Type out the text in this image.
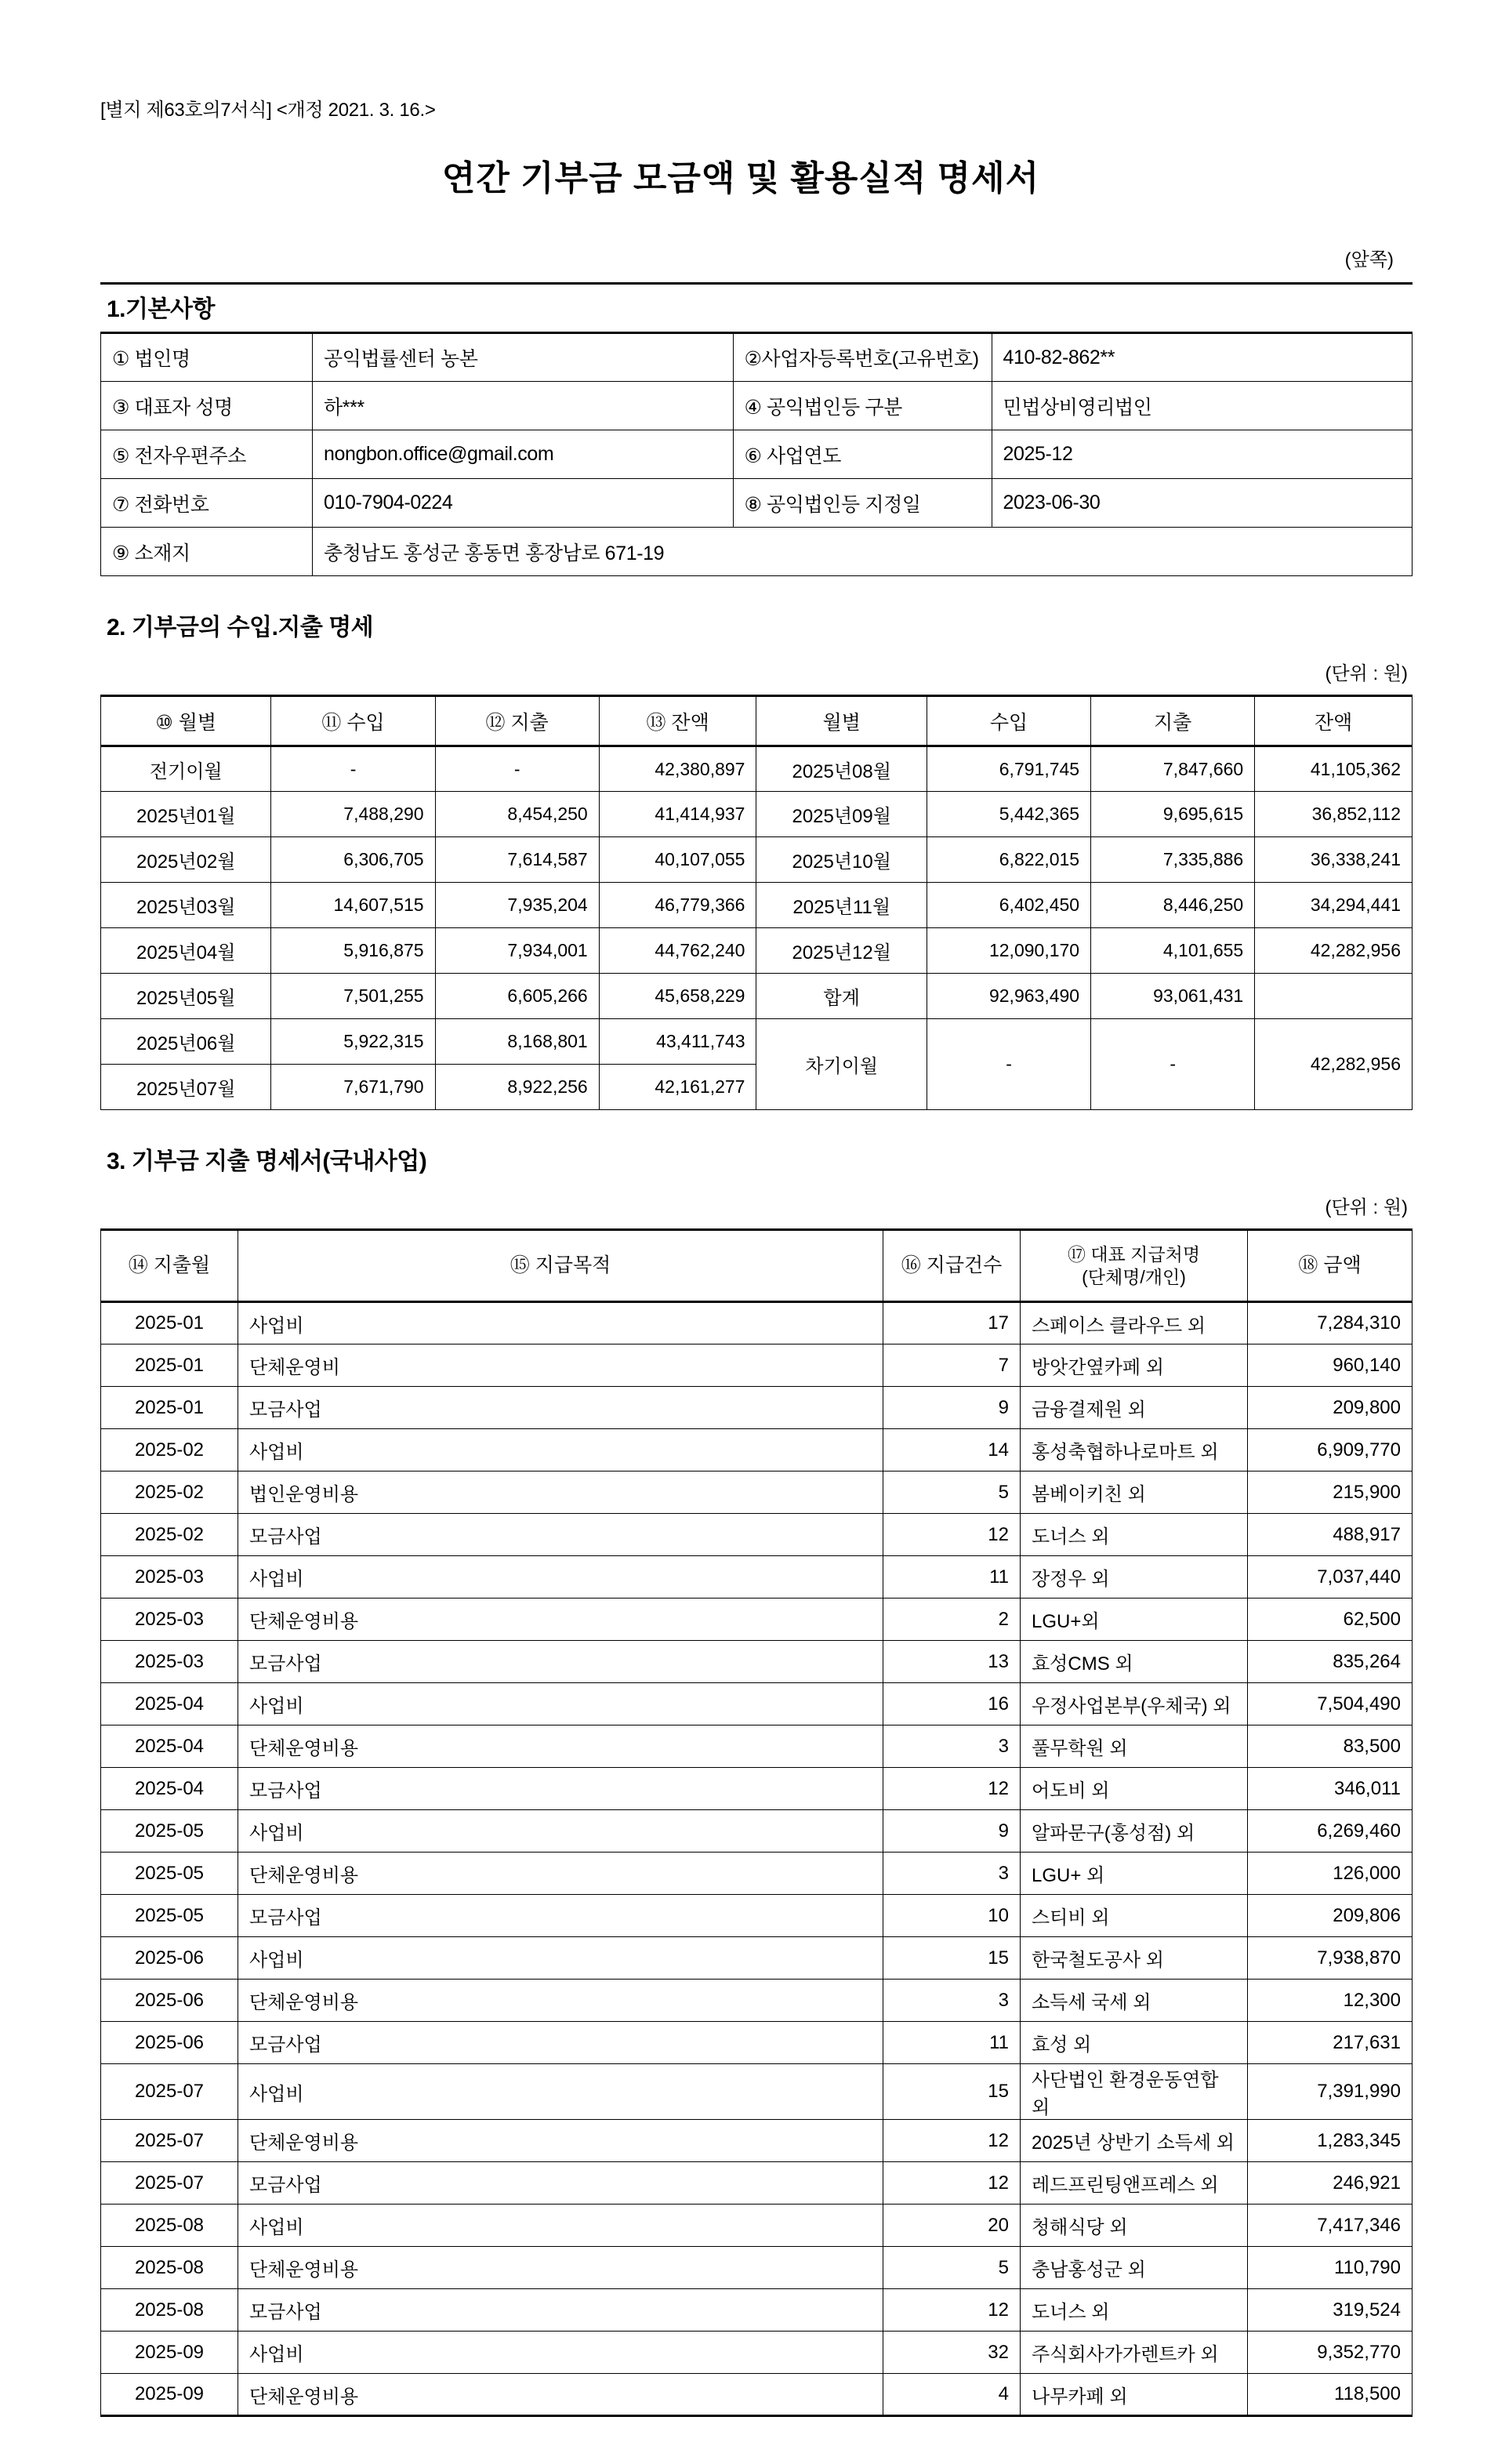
[별지 제63호의7서식] <개정 2021. 3. 16.>
연간 기부금 모금액 및 활용실적 명세서
(앞쪽)
1.기본사항
① 법인명	공익법률센터 농본	②사업자등록번호(고유번호)	410-82-862**
③ 대표자 성명	하***	④ 공익법인등 구분	민법상비영리법인
⑤ 전자우편주소	nongbon.office@gmail.com	⑥ 사업연도	2025-12
⑦ 전화번호	010-7904-0224	⑧ 공익법인등 지정일	2023-06-30
⑨ 소재지	충청남도 홍성군 홍동면 홍장남로 671-19		
2. 기부금의 수입.지출 명세
(단위 : 원)
⑩ 월별	⑪ 수입	⑫ 지출	⑬ 잔액	월별	수입	지출	잔액
전기이월	-	-	42,380,897	2025년08월	6,791,745	7,847,660	41,105,362
2025년01월	7,488,290	8,454,250	41,414,937	2025년09월	5,442,365	9,695,615	36,852,112
2025년02월	6,306,705	7,614,587	40,107,055	2025년10월	6,822,015	7,335,886	36,338,241
2025년03월	14,607,515	7,935,204	46,779,366	2025년11월	6,402,450	8,446,250	34,294,441
2025년04월	5,916,875	7,934,001	44,762,240	2025년12월	12,090,170	4,101,655	42,282,956
2025년05월	7,501,255	6,605,266	45,658,229	합계	92,963,490	93,061,431	
2025년06월	5,922,315	8,168,801	43,411,743	차기이월	-	-	42,282,956
2025년07월	7,671,790	8,922,256	42,161,277				
3. 기부금 지출 명세서(국내사업)
(단위 : 원)
⑭ 지출월	⑮ 지급목적	⑯ 지급건수	⑰ 대표 지급처명
(단체명/개인)	⑱ 금액
2025-01	사업비	17	스페이스 클라우드 외	7,284,310
2025-01	단체운영비	7	방앗간옆카페 외	960,140
2025-01	모금사업	9	금융결제원 외	209,800
2025-02	사업비	14	홍성축협하나로마트 외	6,909,770
2025-02	법인운영비용	5	봄베이키친 외	215,900
2025-02	모금사업	12	도너스 외	488,917
2025-03	사업비	11	장정우 외	7,037,440
2025-03	단체운영비용	2	LGU+외	62,500
2025-03	모금사업	13	효성CMS 외	835,264
2025-04	사업비	16	우정사업본부(우체국) 외	7,504,490
2025-04	단체운영비용	3	풀무학원 외	83,500
2025-04	모금사업	12	어도비 외	346,011
2025-05	사업비	9	알파문구(홍성점) 외	6,269,460
2025-05	단체운영비용	3	LGU+ 외	126,000
2025-05	모금사업	10	스티비 외	209,806
2025-06	사업비	15	한국철도공사 외	7,938,870
2025-06	단체운영비용	3	소득세 국세 외	12,300
2025-06	모금사업	11	효성 외	217,631
2025-07	사업비	15	사단법인 환경운동연합 외	7,391,990
2025-07	단체운영비용	12	2025년 상반기 소득세 외	1,283,345
2025-07	모금사업	12	레드프린팅앤프레스 외	246,921
2025-08	사업비	20	청해식당 외	7,417,346
2025-08	단체운영비용	5	충남홍성군 외	110,790
2025-08	모금사업	12	도너스 외	319,524
2025-09	사업비	32	주식회사가가렌트카 외	9,352,770
2025-09	단체운영비용	4	나무카페 외	118,500
